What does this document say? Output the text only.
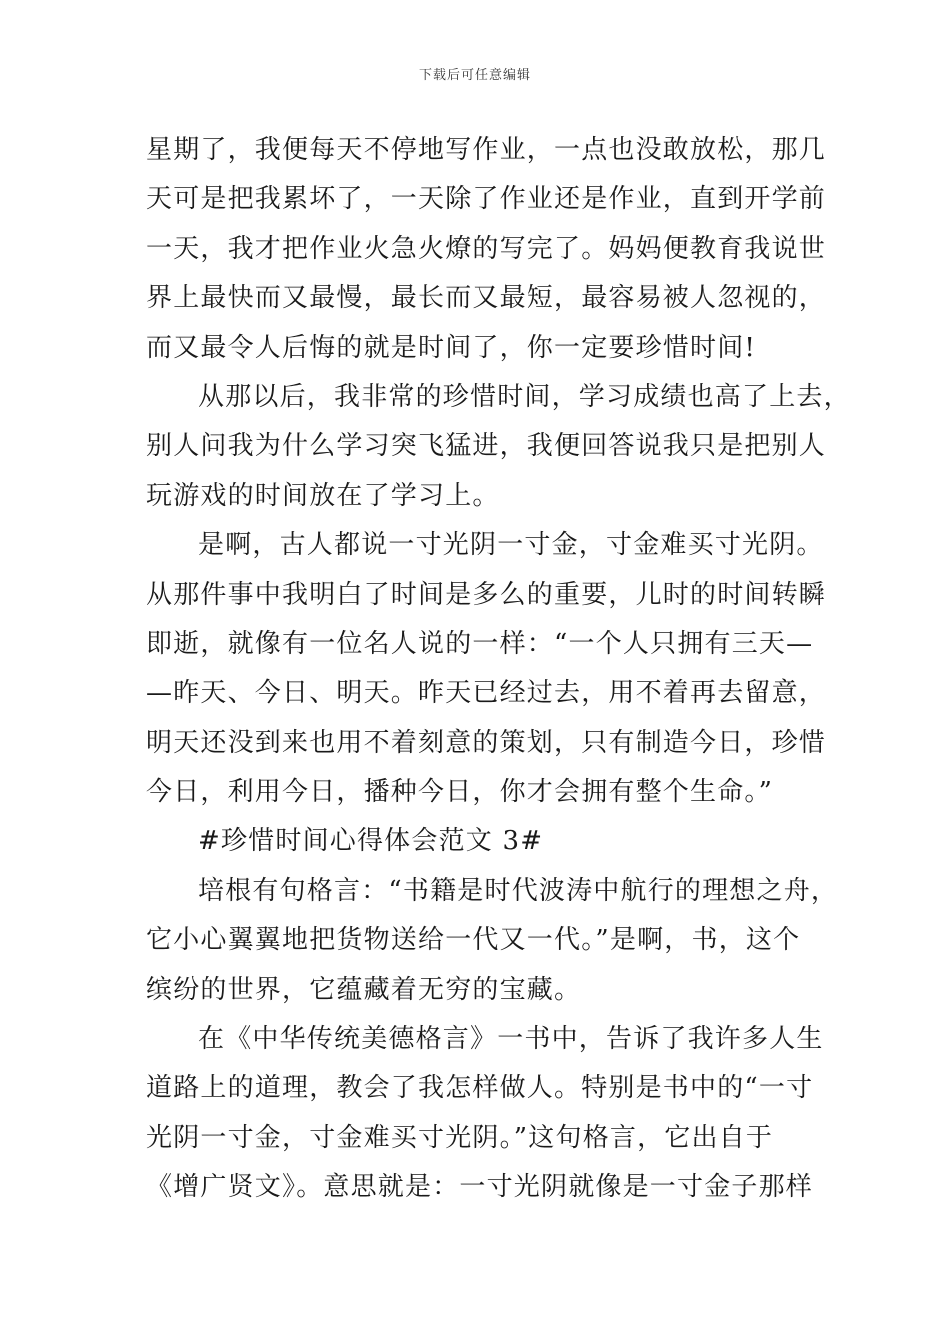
下载后可任意编辑
星期了，我便每天不停地写作业，一点也没敢放松，那几
天可是把我累坏了，一天除了作业还是作业，直到开学前
一天，我才把作业火急火燎的写完了。妈妈便教育我说世
界上最快而又最慢，最长而又最短，最容易被人忽视的，
而又最令人后悔的就是时间了，你一定要珍惜时间!
从那以后，我非常的珍惜时间，学习成绩也高了上去，
别人问我为什么学习突飞猛进，我便回答说我只是把别人
玩游戏的时间放在了学习上。
是啊，古人都说一寸光阴一寸金，寸金难买寸光阴。
从那件事中我明白了时间是多么的重要，儿时的时间转瞬
即逝，就像有一位名人说的一样：“一个人只拥有三天—
—昨天、今日、明天。昨天已经过去，用不着再去留意，
明天还没到来也用不着刻意的策划，只有制造今日，珍惜
今日，利用今日，播种今日，你才会拥有整个生命。”
#珍惜时间心得体会范文 3#
培根有句格言：“书籍是时代波涛中航行的理想之舟，
它小心翼翼地把货物送给一代又一代。”是啊，书，这个
缤纷的世界，它蕴藏着无穷的宝藏。
在《中华传统美德格言》一书中，告诉了我许多人生
道路上的道理，教会了我怎样做人。特别是书中的“一寸
光阴一寸金，寸金难买寸光阴。”这句格言，它出自于
《增广贤文》。意思就是：一寸光阴就像是一寸金子那样
